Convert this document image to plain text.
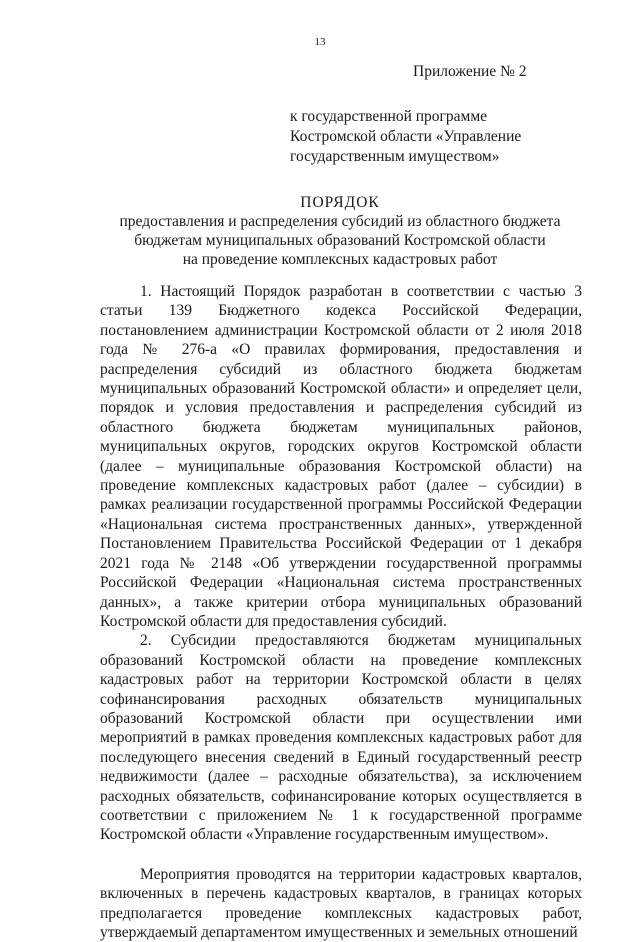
13
Приложение № 2
к государственной программе
Костромской области «Управление
государственным имуществом»
ПОРЯДОК
предоставления и распределения субсидий из областного бюджета
бюджетам муниципальных образований Костромской области
на проведение комплексных кадастровых работ

1. Настоящий Порядок разработан в соответствии с частью 3 статьи 139 Бюджетного кодекса Российской Федерации, постановлением администрации Костромской области от 2 июля 2018 года № 276-а «О правилах формирования, предоставления и распределения субсидий из областного бюджета бюджетам муниципальных образований Костромской области» и определяет цели, порядок и условия предоставления и распределения субсидий из областного бюджета бюджетам муниципальных районов, муниципальных округов, городских округов Костромской области (далее – муниципальные образования Костромской области) на проведение комплексных кадастровых работ (далее – субсидии) в рамках реализации государственной программы Российской Федерации «Национальная система пространственных данных», утвержденной Постановлением Правительства Российской Федерации от 1 декабря 2021 года № 2148 «Об утверждении государственной программы Российской Федерации «Национальная система пространственных данных», а также критерии отбора муниципальных образований Костромской области для предоставления субсидий.

2. Субсидии предоставляются бюджетам муниципальных образований Костромской области на проведение комплексных кадастровых работ на территории Костромской области в целях софинансирования расходных обязательств муниципальных образований Костромской области при осуществлении ими мероприятий в рамках проведения комплексных кадастровых работ для последующего внесения сведений в Единый государственный реестр недвижимости (далее – расходные обязательства), за исключением расходных обязательств, софинансирование которых осуществляется в соответствии с приложением № 1 к государственной программе Костромской области «Управление государственным имуществом».

Мероприятия проводятся на территории кадастровых кварталов, включенных в перечень кадастровых кварталов, в границах которых предполагается проведение комплексных кадастровых работ, утверждаемый департаментом имущественных и земельных отношений
